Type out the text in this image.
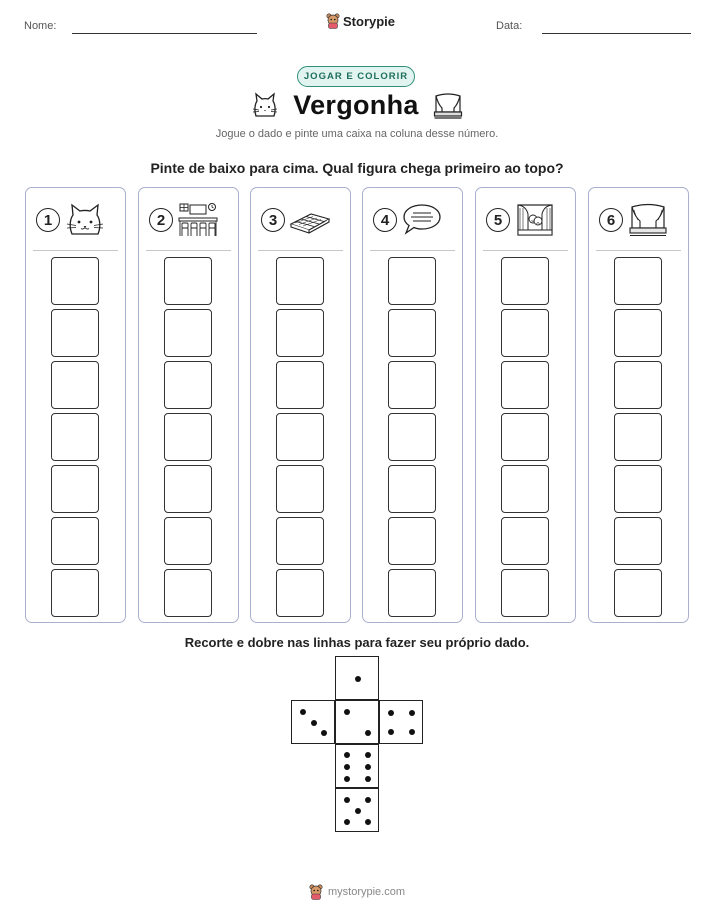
Nome:	Storypie	Data:
JOGAR E COLORIR
Vergonha
Jogue o dado e pinte uma caixa na coluna desse número.
Pinte de baixo para cima. Qual figura chega primeiro ao topo?
1	2	3	4	5	6
Recorte e dobre nas linhas para fazer seu próprio dado.
mystorypie.com
